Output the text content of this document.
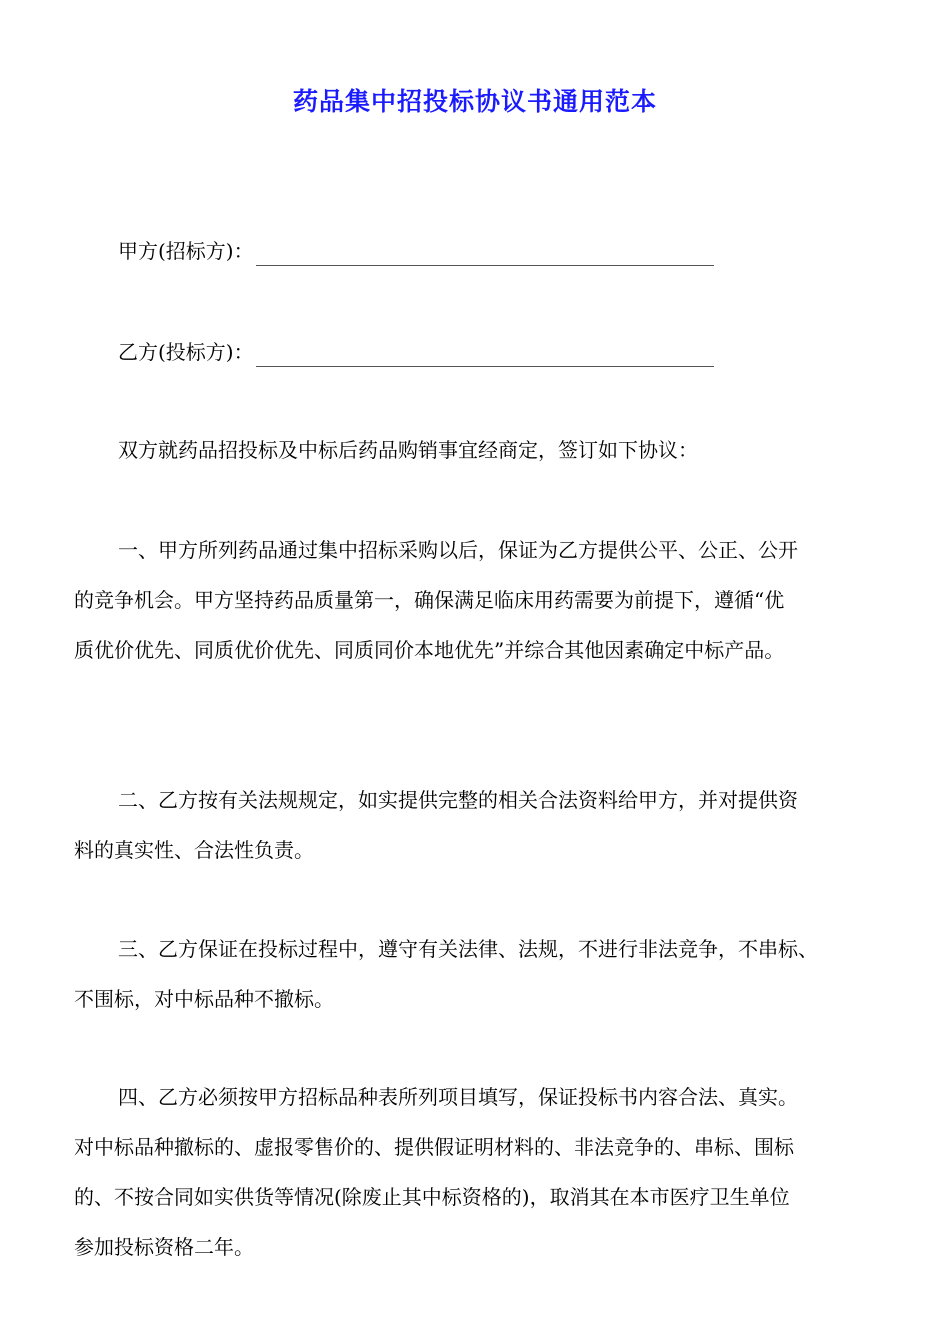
药品集中招投标协议书通用范本
甲方(招标方)：
乙方(投标方)：
双方就药品招投标及中标后药品购销事宜经商定，签订如下协议：
一、甲方所列药品通过集中招标采购以后，保证为乙方提供公平、公正、公开
的竞争机会。甲方坚持药品质量第一，确保满足临床用药需要为前提下，遵循“优
质优价优先、同质优价优先、同质同价本地优先”并综合其他因素确定中标产品。
二、乙方按有关法规规定，如实提供完整的相关合法资料给甲方，并对提供资
料的真实性、合法性负责。
三、乙方保证在投标过程中，遵守有关法律、法规，不进行非法竞争，不串标、
不围标，对中标品种不撤标。
四、乙方必须按甲方招标品种表所列项目填写，保证投标书内容合法、真实。
对中标品种撤标的、虚报零售价的、提供假证明材料的、非法竞争的、串标、围标
的、不按合同如实供货等情况(除废止其中标资格的)，取消其在本市医疗卫生单位
参加投标资格二年。
